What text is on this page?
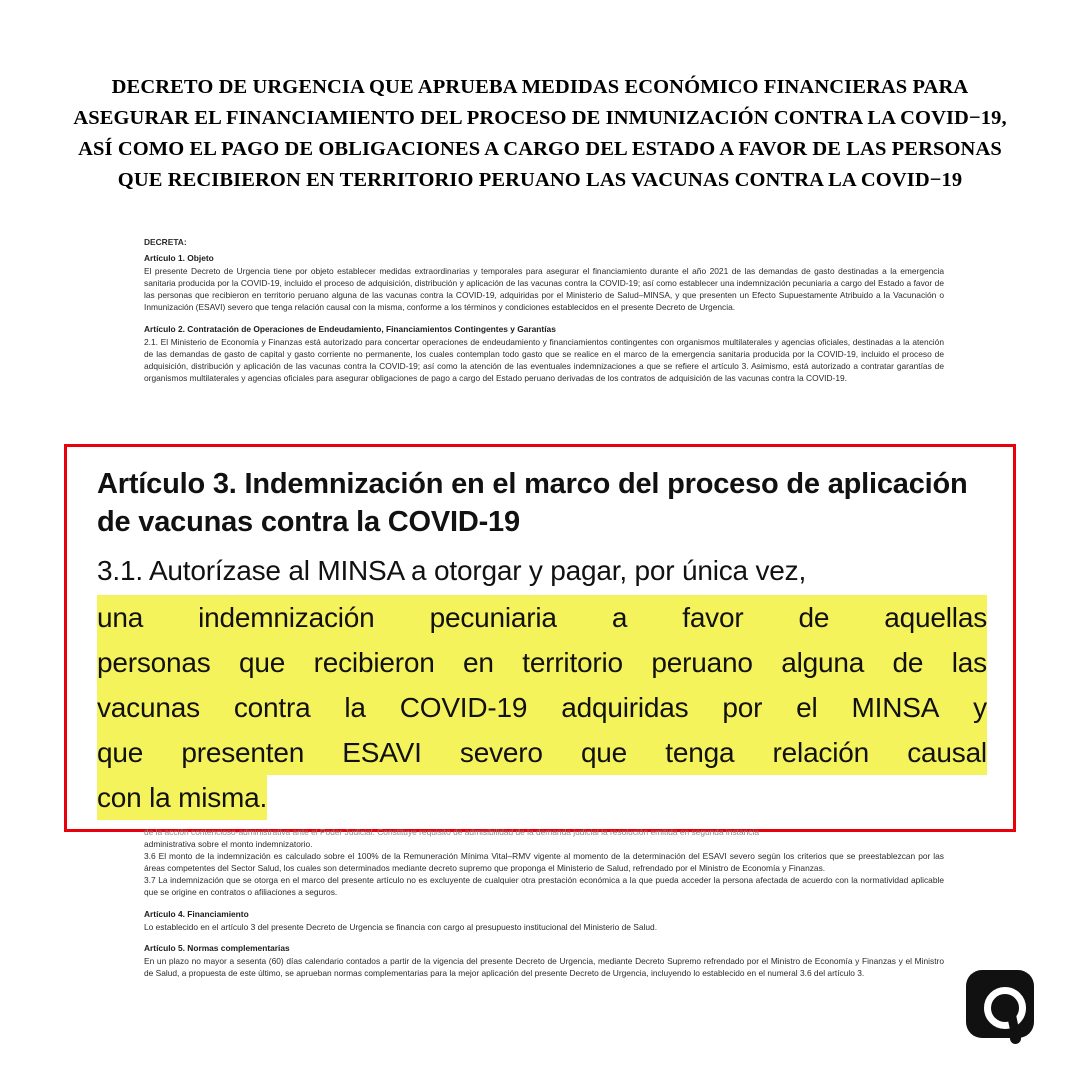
DECRETO DE URGENCIA QUE APRUEBA MEDIDAS ECONÓMICO FINANCIERAS PARA ASEGURAR EL FINANCIAMIENTO DEL PROCESO DE INMUNIZACIÓN CONTRA LA COVID−19, ASÍ COMO EL PAGO DE OBLIGACIONES A CARGO DEL ESTADO A FAVOR DE LAS PERSONAS QUE RECIBIERON EN TERRITORIO PERUANO LAS VACUNAS CONTRA LA COVID−19

DECRETA:

Artículo 1. Objeto

El presente Decreto de Urgencia tiene por objeto establecer medidas extraordinarias y temporales para asegurar el financiamiento durante el año 2021 de las demandas de gasto destinadas a la emergencia sanitaria producida por la COVID-19, incluido el proceso de adquisición, distribución y aplicación de las vacunas contra la COVID-19; así como establecer una indemnización pecuniaria a cargo del Estado a favor de las personas que recibieron en territorio peruano alguna de las vacunas contra la COVID-19, adquiridas por el Ministerio de Salud–MINSA, y que presenten un Efecto Supuestamente Atribuido a la Vacunación o Inmunización (ESAVI) severo que tenga relación causal con la misma, conforme a los términos y condiciones establecidos en el presente Decreto de Urgencia.

Artículo 2. Contratación de Operaciones de Endeudamiento, Financiamientos Contingentes y Garantías

2.1. El Ministerio de Economía y Finanzas está autorizado para concertar operaciones de endeudamiento y financiamientos contingentes con organismos multilaterales y agencias oficiales, destinadas a la atención de las demandas de gasto de capital y gasto corriente no permanente, los cuales contemplan todo gasto que se realice en el marco de la emergencia sanitaria producida por la COVID-19, incluido el proceso de adquisición, distribución y aplicación de las vacunas contra la COVID-19; así como la atención de las eventuales indemnizaciones a que se refiere el artículo 3. Asimismo, está autorizado a contratar garantías de organismos multilaterales y agencias oficiales para asegurar obligaciones de pago a cargo del Estado peruano derivadas de los contratos de adquisición de las vacunas contra la COVID-19.

Artículo 3. Indemnización en el marco del proceso de aplicación de vacunas contra la COVID-19
3.1. Autorízase al MINSA a otorgar y pagar, por única vez,
una indemnización pecuniaria a favor de aquellas
personas que recibieron en territorio peruano alguna de las
vacunas contra la COVID-19 adquiridas por el MINSA y
que presenten ESAVI severo que tenga relación causal
con la misma.

de la acción contencioso-administrativa ante el Poder Judicial. Constituye requisito de admisibilidad de la demanda judicial la resolución emitida en segunda instancia

administrativa sobre el monto indemnizatorio.

3.6 El monto de la indemnización es calculado sobre el 100% de la Remuneración Mínima Vital–RMV vigente al momento de la determinación del ESAVI severo según los criterios que se preestablezcan por las áreas competentes del Sector Salud, los cuales son determinados mediante decreto supremo que proponga el Ministerio de Salud, refrendado por el Ministro de Economía y Finanzas.

3.7 La indemnización que se otorga en el marco del presente artículo no es excluyente de cualquier otra prestación económica a la que pueda acceder la persona afectada de acuerdo con la normatividad aplicable que se origine en contratos o afiliaciones a seguros.

Artículo 4. Financiamiento

Lo establecido en el artículo 3 del presente Decreto de Urgencia se financia con cargo al presupuesto institucional del Ministerio de Salud.

Artículo 5. Normas complementarias

En un plazo no mayor a sesenta (60) días calendario contados a partir de la vigencia del presente Decreto de Urgencia, mediante Decreto Supremo refrendado por el Ministro de Economía y Finanzas y el Ministro de Salud, a propuesta de este último, se aprueban normas complementarias para la mejor aplicación del presente Decreto de Urgencia, incluyendo lo establecido en el numeral 3.6 del artículo 3.
